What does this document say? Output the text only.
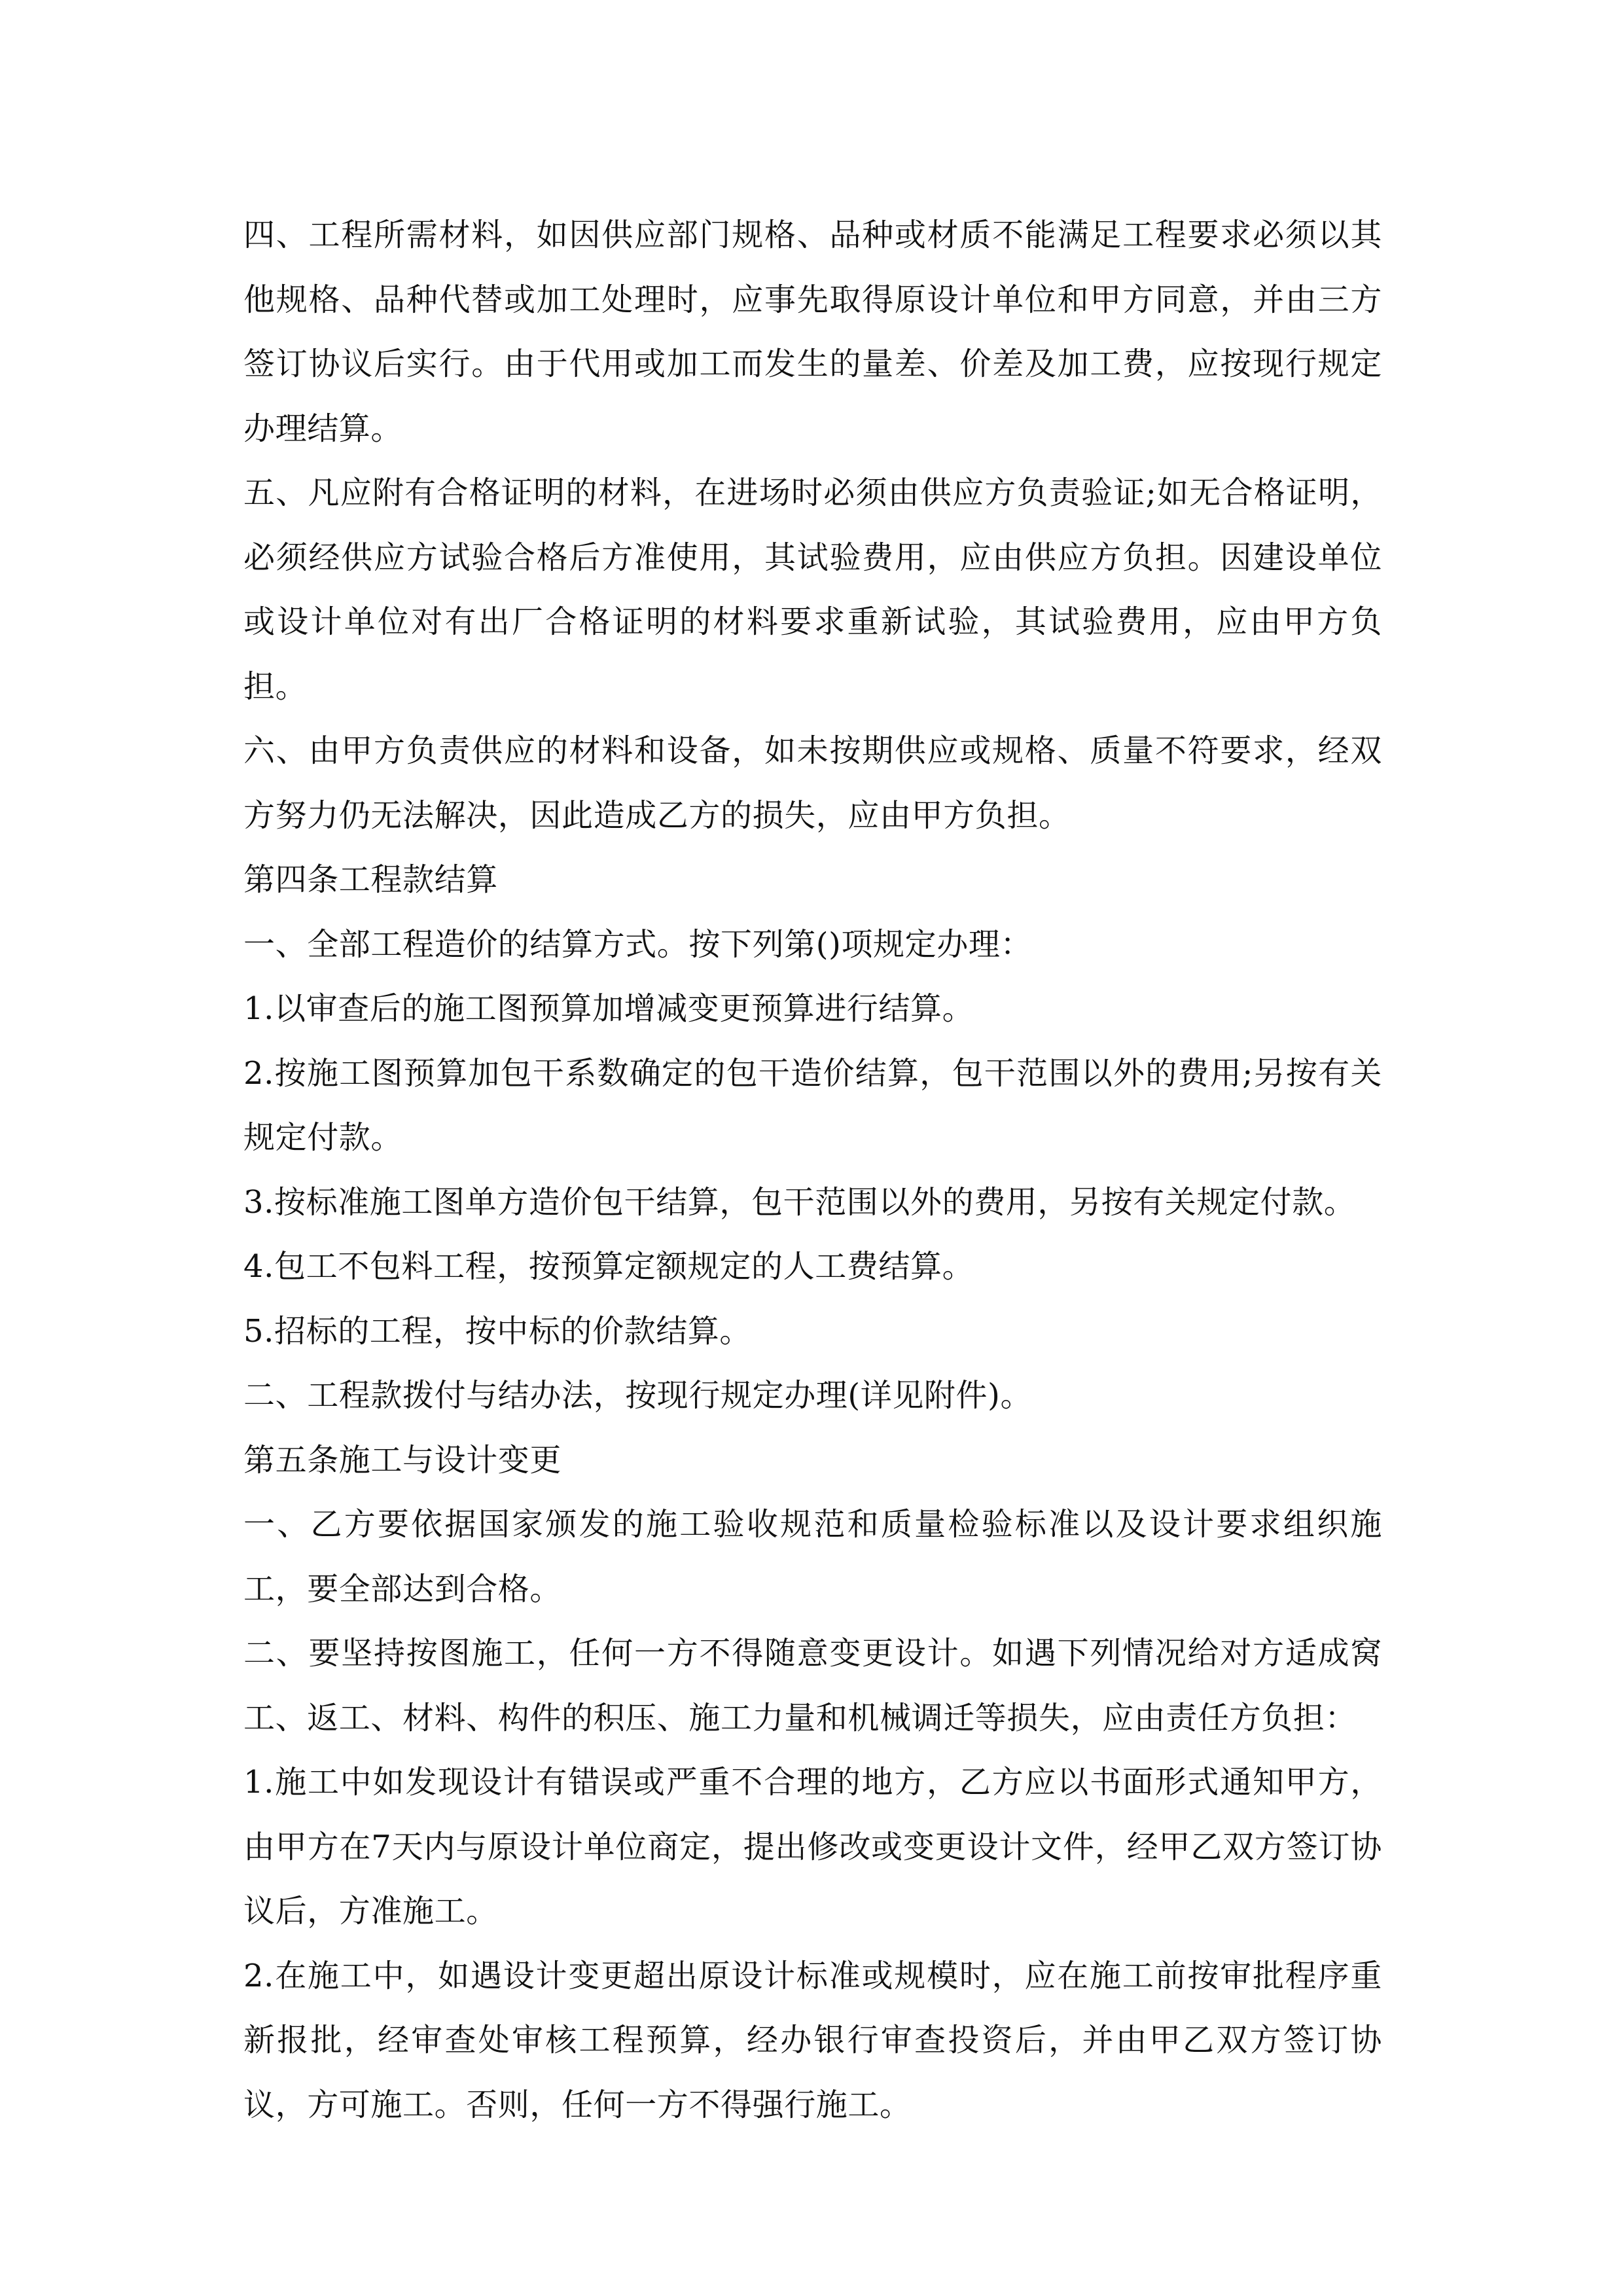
四、工程所需材料，如因供应部门规格、品种或材质不能满足工程要求必须以其他规格、品种代替或加工处理时，应事先取得原设计单位和甲方同意，并由三方签订协议后实行。由于代用或加工而发生的量差、价差及加工费，应按现行规定办理结算。

五、凡应附有合格证明的材料，在进场时必须由供应方负责验证;如无合格证明，必须经供应方试验合格后方准使用，其试验费用，应由供应方负担。因建设单位或设计单位对有出厂合格证明的材料要求重新试验，其试验费用，应由甲方负担。

六、由甲方负责供应的材料和设备，如未按期供应或规格、质量不符要求，经双方努力仍无法解决，因此造成乙方的损失，应由甲方负担。

第四条工程款结算

一、全部工程造价的结算方式。按下列第()项规定办理：

1.以审查后的施工图预算加增减变更预算进行结算。

2.按施工图预算加包干系数确定的包干造价结算，包干范围以外的费用;另按有关规定付款。

3.按标准施工图单方造价包干结算，包干范围以外的费用，另按有关规定付款。

4.包工不包料工程，按预算定额规定的人工费结算。

5.招标的工程，按中标的价款结算。

二、工程款拨付与结办法，按现行规定办理(详见附件)。

第五条施工与设计变更

一、乙方要依据国家颁发的施工验收规范和质量检验标准以及设计要求组织施工，要全部达到合格。

二、要坚持按图施工，任何一方不得随意变更设计。如遇下列情况给对方适成窝工、返工、材料、构件的积压、施工力量和机械调迁等损失，应由责任方负担：

1.施工中如发现设计有错误或严重不合理的地方，乙方应以书面形式通知甲方，由甲方在7天内与原设计单位商定，提出修改或变更设计文件，经甲乙双方签订协议后，方准施工。

2.在施工中，如遇设计变更超出原设计标准或规模时，应在施工前按审批程序重新报批，经审查处审核工程预算，经办银行审查投资后，并由甲乙双方签订协议，方可施工。否则，任何一方不得强行施工。
